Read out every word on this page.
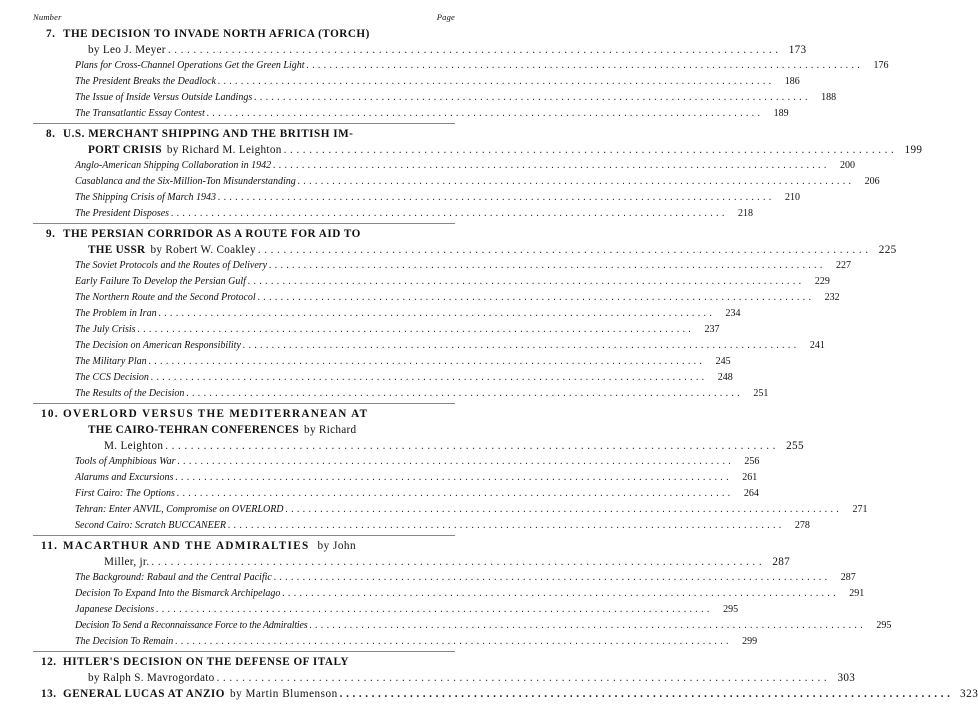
Number	Page
7. THE DECISION TO INVADE NORTH AFRICA (TORCH)
by Leo J. Meyer . . .	173
Plans for Cross-Channel Operations Get the Green Light . . .	176
The President Breaks the Deadlock . . .	186
The Issue of Inside Versus Outside Landings . . .	188
The Transatlantic Essay Contest . . .	189
8. U.S. MERCHANT SHIPPING AND THE BRITISH IM-
PORT CRISIS by Richard M. Leighton . . .	199
Anglo-American Shipping Collaboration in 1942 . . .	200
Casablanca and the Six-Million-Ton Misunderstanding . . .	206
The Shipping Crisis of March 1943 . . .	210
The President Disposes . . .	218
9. THE PERSIAN CORRIDOR AS A ROUTE FOR AID TO
THE USSR by Robert W. Coakley . . .	225
The Soviet Protocols and the Routes of Delivery . . .	227
Early Failure To Develop the Persian Gulf . . .	229
The Northern Route and the Second Protocol . . .	232
The Problem in Iran . . .	234
The July Crisis . . .	237
The Decision on American Responsibility . . .	241
The Military Plan . . .	245
The CCS Decision . . .	248
The Results of the Decision . . .	251
10. OVERLORD VERSUS THE MEDITERRANEAN AT
THE CAIRO-TEHRAN CONFERENCES by Richard
M. Leighton . . .	255
Tools of Amphibious War . . .	256
Alarums and Excursions . . .	261
First Cairo: The Options . . .	264
Tehran: Enter ANVIL, Compromise on OVERLORD . . .	271
Second Cairo: Scratch BUCCANEER . . .	278
11. MACARTHUR AND THE ADMIRALTIES by John
Miller, jr. . . .	287
The Background: Rabaul and the Central Pacific . . .	287
Decision To Expand Into the Bismarck Archipelago . . .	291
Japanese Decisions . . .	295
Decision To Send a Reconnaissance Force to the Admiralties . . .	295
The Decision To Remain . . .	299
12. HITLER'S DECISION ON THE DEFENSE OF ITALY
by Ralph S. Mavrogordato . . .	303
13. GENERAL LUCAS AT ANZIO by Martin Blumenson . . .	323
